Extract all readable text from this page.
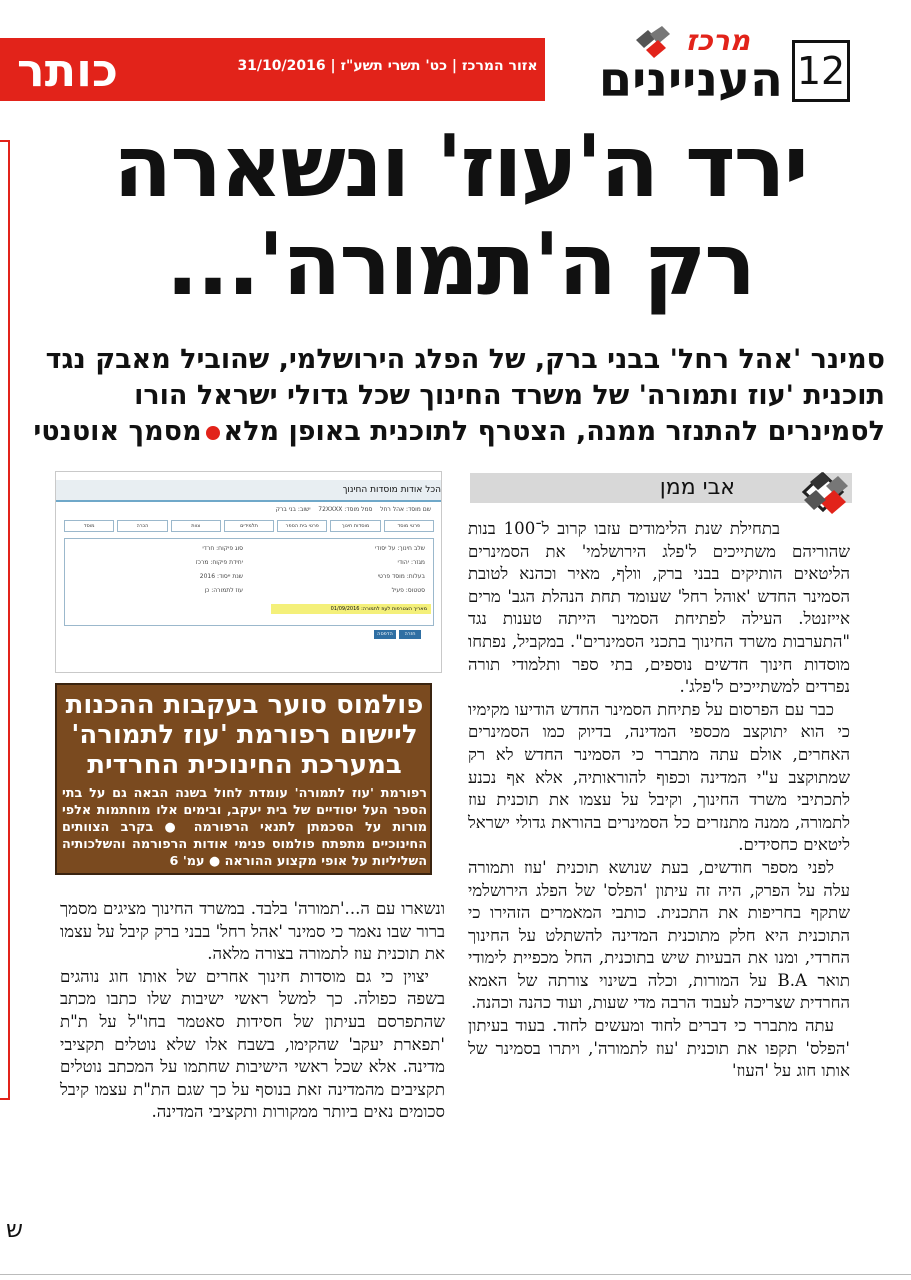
כותר	אזור המרכז | כט' תשרי תשע"ז | 31/10/2016
מרכז
העניינים 12
ירד ה'עוז' ונשארה
רק ה'תמורה'...
סמינר 'אהל רחל' בבני ברק, של הפלג הירושלמי, שהוביל מאבק נגד תוכנית 'עוז ותמורה' של משרד החינוך שכל גדולי ישראל הורו לסמינרים להתנזר ממנה, הצטרף לתוכנית באופן מלאמסמך אוטנטי
ש
אבי ממן

בתחילת שנת הלימודים עזבו קרוב ל־100 בנות שהוריהם משתייכים ל'פלג הירושלמי' את הסמינרים הליטאים הותיקים בבני ברק, וולף, מאיר וכהנא לטובת הסמינר החדש 'אוהל רחל' שעומד תחת הנהלת הגב' מרים אייזנטל. העילה לפתיחת הסמינר הייתה טענות נגד "התערבות משרד החינוך בתכני הסמינרים". במקביל, נפתחו מוסדות חינוך חדשים נוספים, בתי ספר ותלמודי תורה נפרדים למשתייכים ל'פלג'.

כבר עם הפרסום על פתיחת הסמינר החדש הודיעו מקימיו כי הוא יתוקצב מכספי המדינה, בדיוק כמו הסמינרים האחרים, אולם עתה מתברר כי הסמינר החדש לא רק שמתוקצב ע"י המדינה וכפוף להוראותיה, אלא אף נכנע לתכתיבי משרד החינוך, וקיבל על עצמו את תוכנית עוז לתמורה, ממנה מתנזרים כל הסמינרים בהוראת גדולי ישראל ליטאים כחסידים.

לפני מספר חודשים, בעת שנושא תוכנית 'עוז ותמורה עלה על הפרק, היה זה עיתון 'הפלס' של הפלג הירושלמי שתקף בחריפות את התכנית. כותבי המאמרים הזהירו כי התוכנית היא חלק מתוכנית המדינה להשתלט על החינוך החרדי, ומנו את הבעיות שיש בתוכנית, החל מכפיית לימודי תואר B.A על המורות, וכלה בשינוי צורתה של האמא החרדית שצריכה לעבוד הרבה מדי שעות, ועוד כהנה וכהנה.

עתה מתברר כי דברים לחוד ומעשים לחוד. בעוד בעיתון 'הפלס' תקפו את תוכנית 'עוז לתמורה', ויתרו בסמינר של אותו חוג על 'העוז'

הכל אודות מוסדות החינוך
שם מוסד: אהל רחל    סמל מוסד: 72XXXX    ישוב: בני ברק
פרטי מוסד
מוסדות חינוך
פרטי בית הספר
תלמידים
צוות
הכרה
מוסד
שלב חינוך: על יסודי
סוג פיקוח: חרדי
מגזר: יהודי
יחידת פיקוח: מרכז
בעלות: מוסד פרטי
שנת ייסוד: 2016
סטטוס: פעיל
עוז לתמורה: כן
מאריך הצטרפות לעוז לתמורה: 01/09/2016
הדפסה	חזרה
פולמוס סוער בעקבות ההכנות ליישום רפורמת 'עוז לתמורה' במערכת החינוכית החרדית
רפורמת 'עוז לתמורה' עומדת לחול בשנה הבאה גם על בתי הספר העל יסודיים של בית יעקב, ובימים אלו מוחתמות אלפי מורות על הסכמתן לתנאי הרפורמה ● בקרב הצוותים החינוכיים מתפתח פולמוס פנימי אודות הרפורמה והשלכותיה השליליות על אופי מקצוע ההוראה ● עמ' 6

ונשארו עם ה...'תמורה' בלבד. במשרד החינוך מציגים מסמך ברור שבו נאמר כי סמינר 'אהל רחל' בבני ברק קיבל על עצמו את תוכנית עוז לתמורה בצורה מלאה.

יצוין כי גם מוסדות חינוך אחרים של אותו חוג נוהגים בשפה כפולה. כך למשל ראשי ישיבות שלו כתבו מכתב שהתפרסם בעיתון של חסידות סאטמר בחו"ל על ת"ת 'תפארת יעקב' שהקימו, בשבח אלו שלא נוטלים תקציבי מדינה. אלא שכל ראשי הישיבות שחתמו על המכתב נוטלים תקציבים מהמדינה זאת בנוסף על כך שגם הת"ת עצמו קיבל סכומים נאים ביותר ממקורות ותקציבי המדינה.
